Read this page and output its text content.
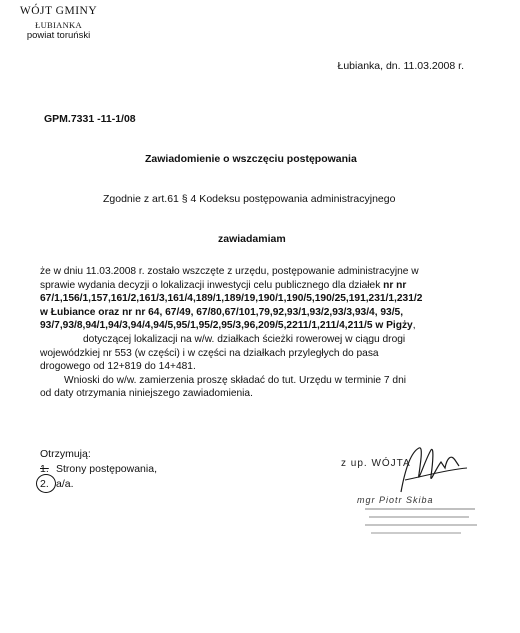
WÓJT GMINY
ŁUBIANKA
powiat toruński
Łubianka, dn. 11.03.2008 r.
GPM.7331 -11-1/08
Zawiadomienie o wszczęciu postępowania
Zgodnie z art.61 § 4 Kodeksu postępowania administracyjnego
zawiadamiam
że w dniu 11.03.2008 r. zostało wszczęte z urzędu, postępowanie administracyjne w
sprawie wydania decyzji o lokalizacji inwestycji celu publicznego dla działek nr nr
67/1,156/1,157,161/2,161/3,161/4,189/1,189/19,190/1,190/5,190/25,191,231/1,231/2
w Łubiance oraz nr nr 64, 67/49, 67/80,67/101,79,92,93/1,93/2,93/3,93/4, 93/5,
93/7,93/8,94/1,94/3,94/4,94/5,95/1,95/2,95/3,96,209/5,2211/1,211/4,211/5 w Pigży,
dotyczącej lokalizacji na w/w. działkach ścieżki rowerowej w ciągu drogi
wojewódzkiej nr 553 (w części) i w części na działkach przyległych do pasa
drogowego od 12+819 do 14+481.
Wnioski do w/w. zamierzenia proszę składać do tut. Urzędu w terminie 7 dni
od daty otrzymania niniejszego zawiadomienia.
Otrzymują:
1. Strony postępowania,
2. a/a.
z up. WÓJTA
mgr Piotr Skiba
